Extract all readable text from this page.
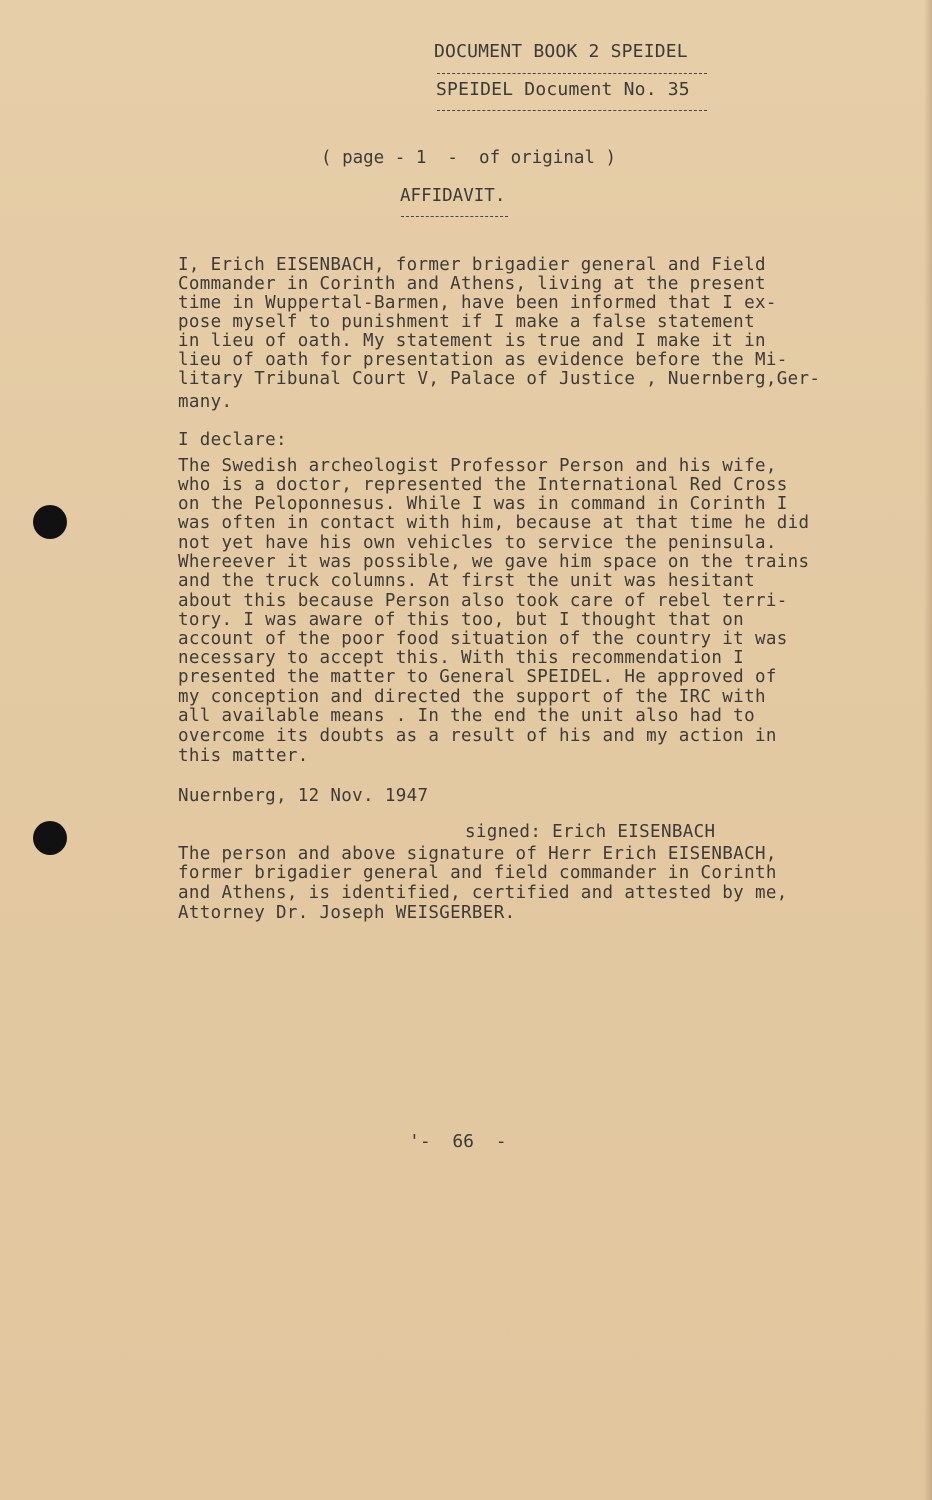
DOCUMENT BOOK 2 SPEIDEL
SPEIDEL Document No. 35
( page - 1  -  of original )
AFFIDAVIT.
I, Erich EISENBACH, former brigadier general and Field
Commander in Corinth and Athens, living at the present
time in Wuppertal-Barmen, have been informed that I ex-
pose myself to punishment if I make a false statement
in lieu of oath. My statement is true and I make it in
lieu of oath for presentation as evidence before the Mi-
litary Tribunal Court V, Palace of Justice , Nuernberg,Ger-
many.
I declare:
The Swedish archeologist Professor Person and his wife,
who is a doctor, represented the International Red Cross
on the Peloponnesus. While I was in command in Corinth I
was often in contact with him, because at that time he did
not yet have his own vehicles to service the peninsula.
Whereever it was possible, we gave him space on the trains
and the truck columns. At first the unit was hesitant
about this because Person also took care of rebel terri-
tory. I was aware of this too, but I thought that on
account of the poor food situation of the country it was
necessary to accept this. With this recommendation I
presented the matter to General SPEIDEL. He approved of
my conception and directed the support of the IRC with
all available means . In the end the unit also had to
overcome its doubts as a result of his and my action in
this matter.
Nuernberg, 12 Nov. 1947
signed: Erich EISENBACH
The person and above signature of Herr Erich EISENBACH,
former brigadier general and field commander in Corinth
and Athens, is identified, certified and attested by me,
Attorney Dr. Joseph WEISGERBER.
'-  66  -
